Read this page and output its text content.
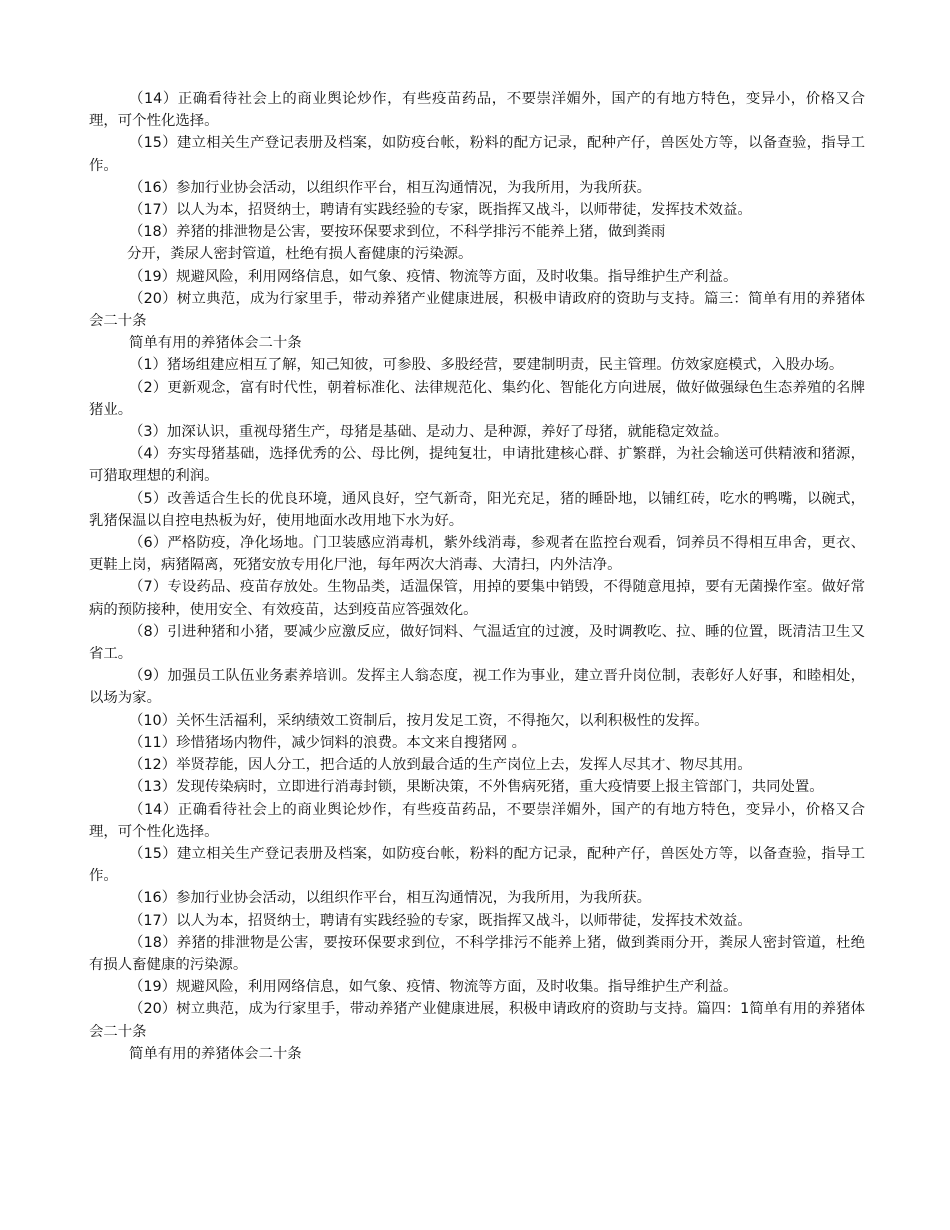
（14）正确看待社会上的商业舆论炒作，有些疫苗药品，不要崇洋媚外，国产的有地方特色，变异小，价格又合理，可个性化选择。

（15）建立相关生产登记表册及档案，如防疫台帐，粉料的配方记录，配种产仔，兽医处方等，以备查验，指导工作。

（16）参加行业协会活动，以组织作平台，相互沟通情况，为我所用，为我所获。

（17）以人为本，招贤纳士，聘请有实践经验的专家，既指挥又战斗，以师带徒，发挥技术效益。

（18）养猪的排泄物是公害，要按环保要求到位，不科学排污不能养上猪，做到粪雨

分开，粪尿人密封管道，杜绝有损人畜健康的污染源。

（19）规避风险，利用网络信息，如气象、疫情、物流等方面，及时收集。指导维护生产利益。

（20）树立典范，成为行家里手，带动养猪产业健康进展，积极申请政府的资助与支持。篇三：简单有用的养猪体会二十条

简单有用的养猪体会二十条

（1）猪场组建应相互了解，知己知彼，可参股、多股经营，要建制明责，民主管理。仿效家庭模式，入股办场。

（2）更新观念，富有时代性，朝着标准化、法律规范化、集约化、智能化方向进展，做好做强绿色生态养殖的名牌猪业。

（3）加深认识，重视母猪生产，母猪是基础、是动力、是种源，养好了母猪，就能稳定效益。

（4）夯实母猪基础，选择优秀的公、母比例，提纯复壮，申请批建核心群、扩繁群，为社会输送可供精液和猪源，可猎取理想的利润。

（5）改善适合生长的优良环境，通风良好，空气新奇，阳光充足，猪的睡卧地，以铺红砖，吃水的鸭嘴，以碗式，乳猪保温以自控电热板为好，使用地面水改用地下水为好。

（6）严格防疫，净化场地。门卫装感应消毒机，紫外线消毒，参观者在监控台观看，饲养员不得相互串舍，更衣、更鞋上岗，病猪隔离，死猪安放专用化尸池，每年两次大消毒、大清扫，内外洁净。

（7）专设药品、疫苗存放处。生物品类，适温保管，用掉的要集中销毁，不得随意甩掉，要有无菌操作室。做好常病的预防接种，使用安全、有效疫苗，达到疫苗应答强效化。

（8）引进种猪和小猪，要减少应激反应，做好饲料、气温适宜的过渡，及时调教吃、拉、睡的位置，既清洁卫生又省工。

（9）加强员工队伍业务素养培训。发挥主人翁态度，视工作为事业，建立晋升岗位制，表彰好人好事，和睦相处，以场为家。

（10）关怀生活福利，采纳绩效工资制后，按月发足工资，不得拖欠，以利积极性的发挥。

（11）珍惜猪场内物件，减少饲料的浪费。本文来自搜猪网 。

（12）举贤荐能，因人分工，把合适的人放到最合适的生产岗位上去，发挥人尽其才、物尽其用。

（13）发现传染病时，立即进行消毒封锁，果断决策，不外售病死猪，重大疫情要上报主管部门，共同处置。

（14）正确看待社会上的商业舆论炒作，有些疫苗药品，不要崇洋媚外，国产的有地方特色，变异小，价格又合理，可个性化选择。

（15）建立相关生产登记表册及档案，如防疫台帐，粉料的配方记录，配种产仔，兽医处方等，以备查验，指导工作。

（16）参加行业协会活动，以组织作平台，相互沟通情况，为我所用，为我所获。

（17）以人为本，招贤纳士，聘请有实践经验的专家，既指挥又战斗，以师带徒，发挥技术效益。

（18）养猪的排泄物是公害，要按环保要求到位，不科学排污不能养上猪，做到粪雨分开，粪尿人密封管道，杜绝有损人畜健康的污染源。

（19）规避风险，利用网络信息，如气象、疫情、物流等方面，及时收集。指导维护生产利益。

（20）树立典范，成为行家里手，带动养猪产业健康进展，积极申请政府的资助与支持。篇四：1简单有用的养猪体会二十条

简单有用的养猪体会二十条
